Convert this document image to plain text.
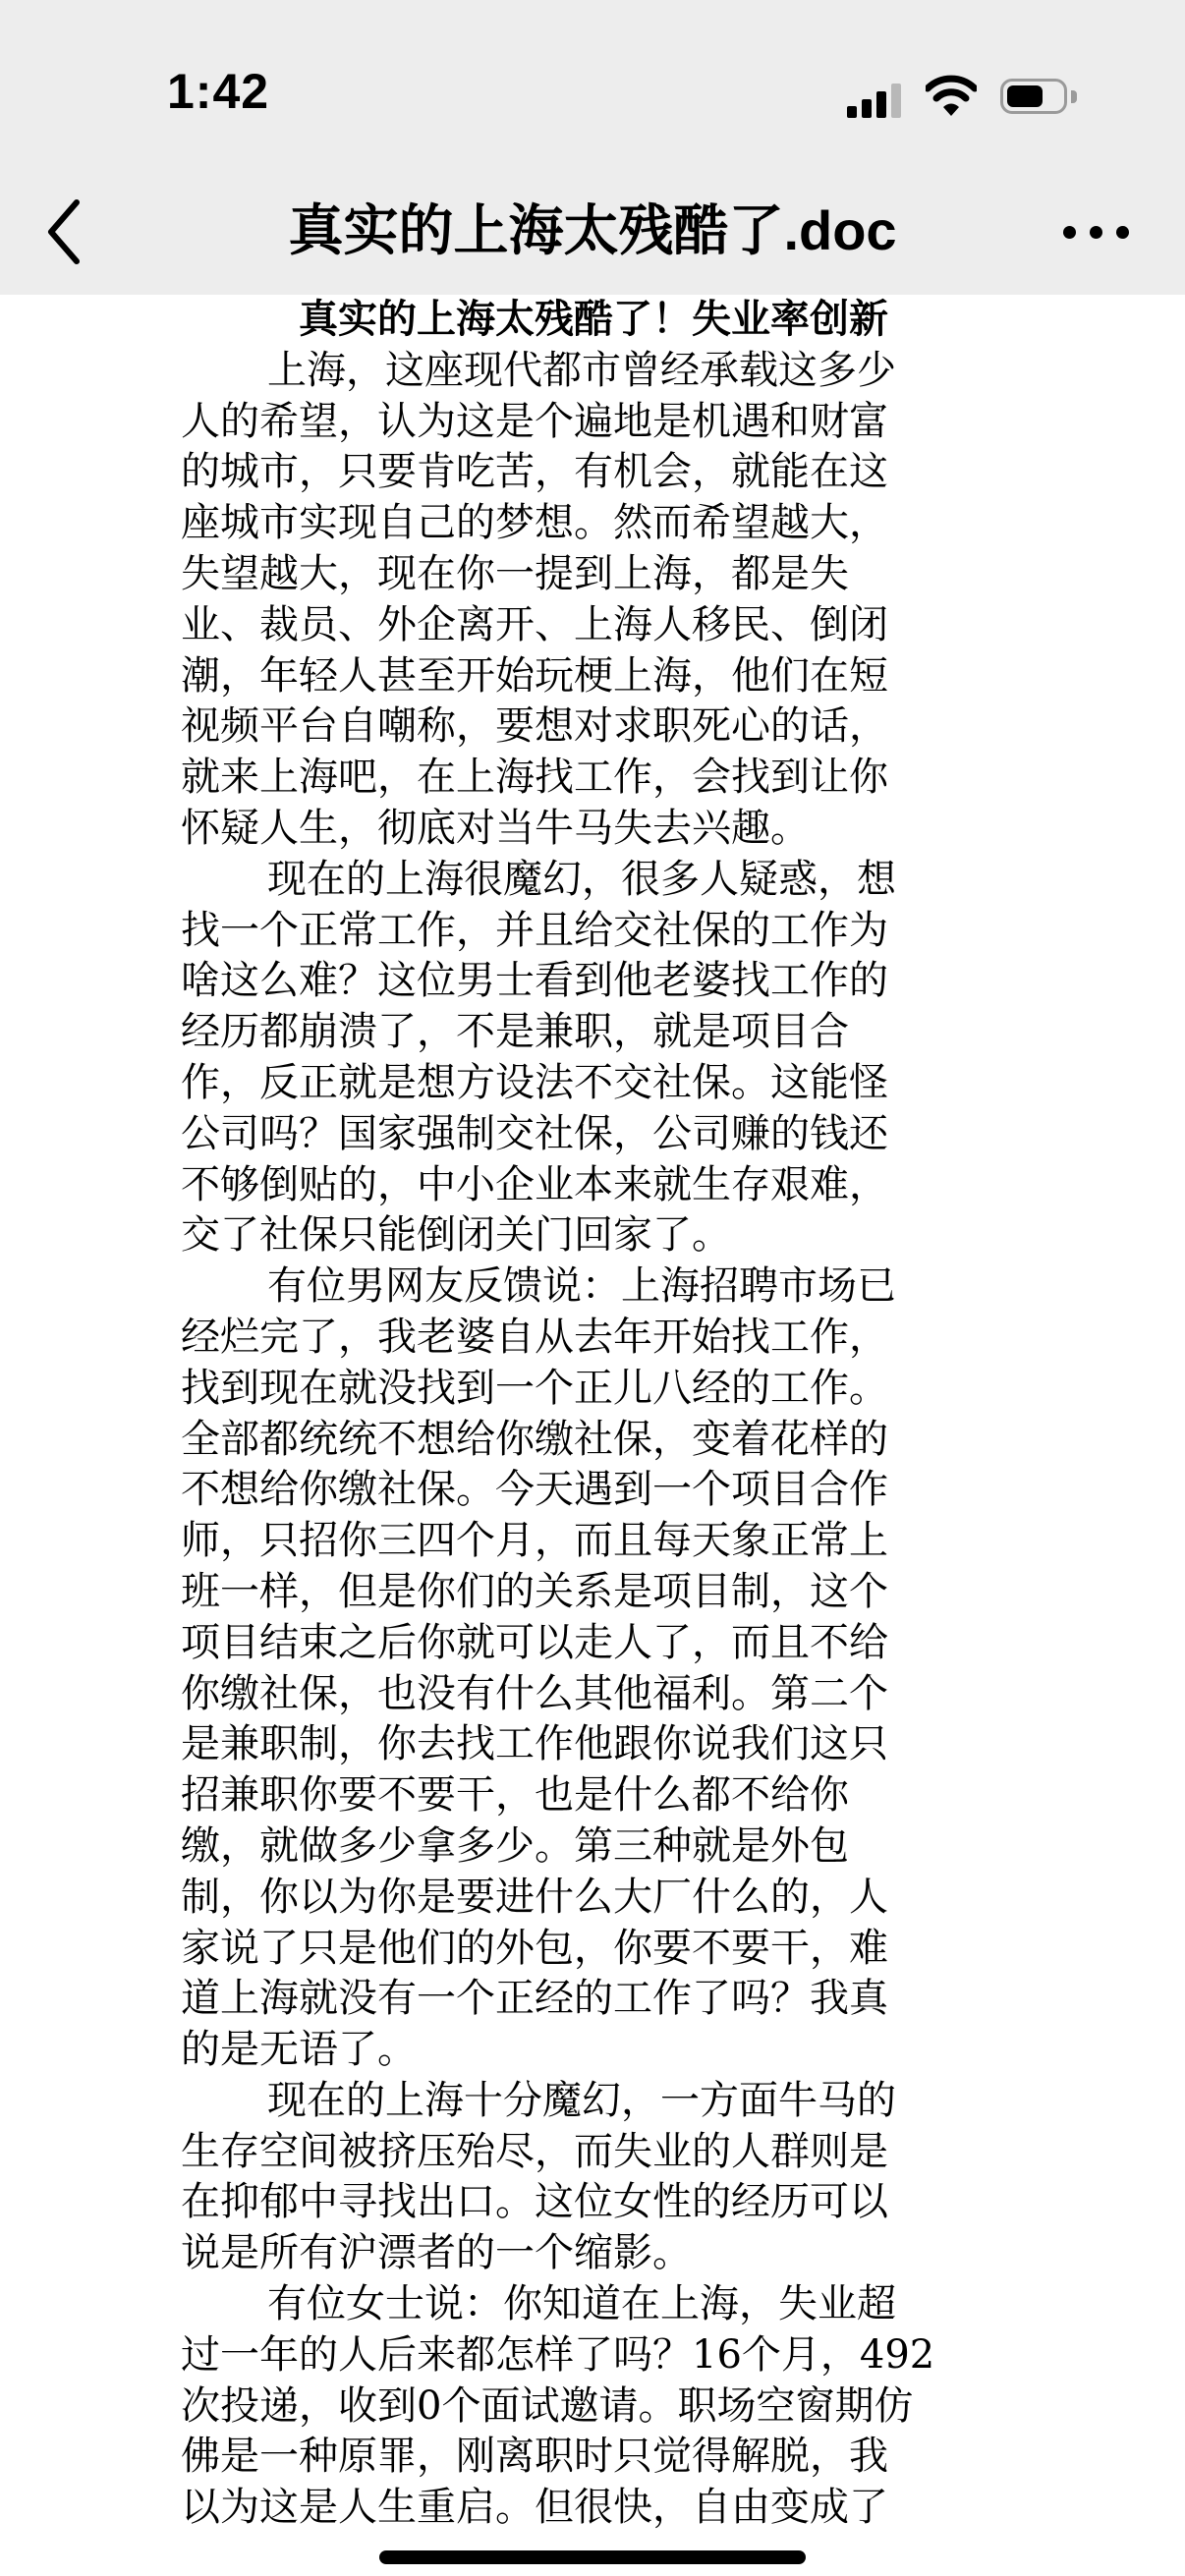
1:42
真实的上海太残酷了.doc
真实的上海太残酷了！失业率创新
上海，这座现代都市曾经承载这多少
人的希望，认为这是个遍地是机遇和财富
的城市，只要肯吃苦，有机会，就能在这
座城市实现自己的梦想。然而希望越大，
失望越大，现在你一提到上海，都是失
业、裁员、外企离开、上海人移民、倒闭
潮，年轻人甚至开始玩梗上海，他们在短
视频平台自嘲称，要想对求职死心的话，
就来上海吧，在上海找工作，会找到让你
怀疑人生，彻底对当牛马失去兴趣。
现在的上海很魔幻，很多人疑惑，想
找一个正常工作，并且给交社保的工作为
啥这么难？这位男士看到他老婆找工作的
经历都崩溃了，不是兼职，就是项目合
作，反正就是想方设法不交社保。这能怪
公司吗？国家强制交社保，公司赚的钱还
不够倒贴的，中小企业本来就生存艰难，
交了社保只能倒闭关门回家了。
有位男网友反馈说：上海招聘市场已
经烂完了，我老婆自从去年开始找工作，
找到现在就没找到一个正儿八经的工作。
全部都统统不想给你缴社保，变着花样的
不想给你缴社保。今天遇到一个项目合作
师，只招你三四个月，而且每天象正常上
班一样，但是你们的关系是项目制，这个
项目结束之后你就可以走人了，而且不给
你缴社保，也没有什么其他福利。第二个
是兼职制，你去找工作他跟你说我们这只
招兼职你要不要干，也是什么都不给你
缴，就做多少拿多少。第三种就是外包
制，你以为你是要进什么大厂什么的，人
家说了只是他们的外包，你要不要干，难
道上海就没有一个正经的工作了吗？我真
的是无语了。
现在的上海十分魔幻，一方面牛马的
生存空间被挤压殆尽，而失业的人群则是
在抑郁中寻找出口。这位女性的经历可以
说是所有沪漂者的一个缩影。
有位女士说：你知道在上海，失业超
过一年的人后来都怎样了吗？16个月，492
次投递，收到0个面试邀请。职场空窗期仿
佛是一种原罪，刚离职时只觉得解脱，我
以为这是人生重启。但很快，自由变成了
